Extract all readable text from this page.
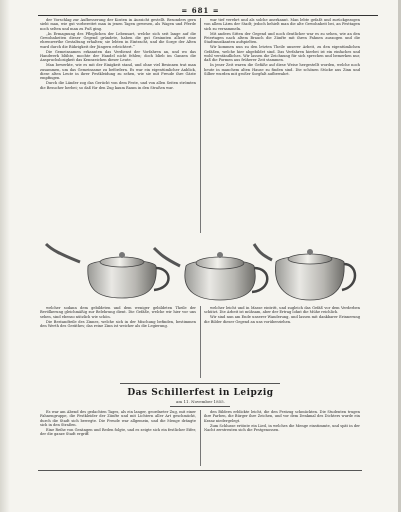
= 681 =

der Vorschlag zur Aufbesserung der Kosten in Aussicht gestellt. Besonders gern sieht man, wie gut vorbereitet man in jenen Tagen gewesen, als Wagen und Pferde noch selten und man zu Fuß ging.

„In Ermagnung des Pfleglichen der Lebensart, welche sich seit lange auf die Gewohnheiten dieser Gegend gründete, haben die gut Gesinnten allzeit eine ehrenwerthe Gestaltung erhalten; sie lebten in Eintracht, und die Sorge der Alten ward durch die Rührigkeit der Jüngern erleichtert.“

Die Gemeinsamen erkannten das Verdienst der Vorfahren an, und wo das Handwerk blühte, mochte der Handel nicht fehlen; doch blieb im Ganzen die Anspruchslosigkeit das Kennzeichen dieser Leute.

Man bewerkte, wie es mit der Einigkeit stand, und ohne viel Besinnen trat man zusammen, um das Gemeinsame zu befördern. Es war ein eigentümlicher Anblick, diese alten Leute in ihrer Festkleidung zu sehen, wie sie mit Freude ihre Gäste empfingen.

Durch die Länder zog das Gerücht von dem Feste, und von allen Seiten strömten die Besucher herbei; so daß für den Zug kaum Raum in den Straßen war.

war tief verehrt und als solche anerkannt. Man lebte gefaßt und zurückgezogen von allem Lärm der Stadt; jedoch behielt man die alte Gewohnheit bei, an Festtagen sich zu versammeln.

Mit andern Sitten der Gegend und noch deutlicher war es zu sehen, wie an den Feiertagen nach altem Brauch die Zünfte mit ihren Fahnen auszogen und die Stadtmusikanten aufspielten.

Wir kommen nun zu den letzten Theile unserer Arbeit, zu den eigentümlichen Gefäßen, welche hier abgebildet sind. Das Verfahren hierbei ist ein einfaches und wohl verständliches. Wir lassen die Zeichnung für sich sprechen und bemerken nur, daß die Formen aus früherer Zeit stammen.

In jener Zeit waren die Gefäße auf diese Weise hergestellt worden, welche noch heute in manchem alten Hause zu finden sind. Die schönen Stücke aus Zinn und Silber wurden mit großer Sorgfalt aufbewahrt.

welcher sodann dem gebildeten und dem weniger gebildeten Theile der Bevölkerung gleichmäßig zur Belehrung dient. Die Gefäße, welche wir hier vor uns sehen, sind ebenso nützlich wie schön.

Die Bestandteile des Zinnes, welche sich in der Mischung befinden, bestimmen den Werth des Geräthes; das reine Zinn ist weicher als die Legierung.

welcher leicht und in Masse eintritt, und zugleich das Gefäß vor dem Verderben schützt. Die Arbeit ist mühsam, aber der Ertrag lohnt die Mühe reichlich.

Wir sind nun am Ende unserer Wanderung, und lassen mit dankbarer Erinnerung die Bilder dieser Gegend an uns vorüberziehen.

Das Schillerfest in Leipzig
am 11. November 1855.

Es war am Abend des gedachten Tages, als ein langer, geordneter Zug, mit einer Fahnengruppe, die Festkleider der Zünfte und mit Lichtern aller Art geschmückt, durch die Stadt sich bewegte. Die Freude war allgemein, und die Menge drängte sich in den Straßen.

Eine Reihe von Gesängen und Reden folgte, und es zeigte sich ein festlicher Eifer, der die ganze Stadt ergriff.

den Bildern erblickte leicht, die den Festzug schmückten. Die Studenten trugen ihre Farben, die Bürger ihre Zeichen, und vor dem Denkmal des Dichters wurde ein Kranz niedergelegt.

Zum Schlusse ertönte ein Lied, in welches die Menge einstimmte, und spät in der Nacht zerstreuten sich die Festgenossen.
